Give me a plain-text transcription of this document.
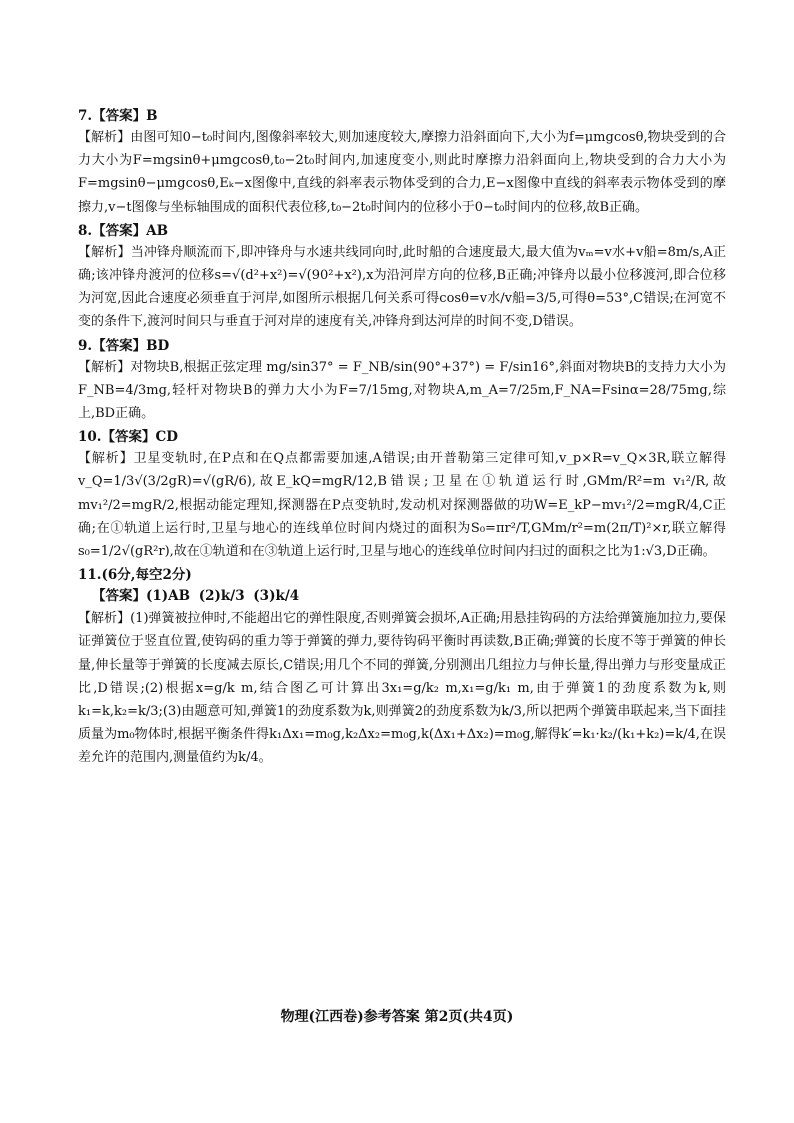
7.【答案】B
【解析】由图可知0−t₀时间内,图像斜率较大,则加速度较大,摩擦力沿斜面向下,大小为f=μmgcosθ,物块受到的合力大小为F=mgsinθ+μmgcosθ,t₀−2t₀时间内,加速度变小,则此时摩擦力沿斜面向上,物块受到的合力大小为F=mgsinθ−μmgcosθ,Eₖ−x图像中,直线的斜率表示物体受到的合力,E−x图像中直线的斜率表示物体受到的摩擦力,v−t图像与坐标轴围成的面积代表位移,t₀−2t₀时间内的位移小于0−t₀时间内的位移,故B正确。
8.【答案】AB
【解析】当冲锋舟顺流而下,即冲锋舟与水速共线同向时,此时船的合速度最大,最大值为vₘ=v水+v船=8m/s,A正确;该冲锋舟渡河的位移s=√(d²+x²)=√(90²+x²),x为沿河岸方向的位移,B正确;冲锋舟以最小位移渡河,即合位移为河宽,因此合速度必须垂直于河岸,如图所示根据几何关系可得cosθ=v水/v船=3/5,可得θ=53°,C错误;在河宽不变的条件下,渡河时间只与垂直于河对岸的速度有关,冲锋舟到达河岸的时间不变,D错误。
9.【答案】BD
【解析】对物块B,根据正弦定理 mg/sin37° = F_NB/sin(90°+37°) = F/sin16°,斜面对物块B的支持力大小为F_NB=4/3mg,轻杆对物块B的弹力大小为F=7/15mg,对物块A,m_A=7/25m,F_NA=Fsinα=28/75mg,综上,BD正确。
10.【答案】CD
【解析】卫星变轨时,在P点和在Q点都需要加速,A错误;由开普勒第三定律可知,v_p×R=v_Q×3R,联立解得v_Q=1/3√(3/2gR)=√(gR/6),故E_kQ=mgR/12,B错误;卫星在①轨道运行时,GMm/R²=m v₁²/R,故mv₁²/2=mgR/2,根据动能定理知,探测器在P点变轨时,发动机对探测器做的功W=E_kP−mv₁²/2=mgR/4,C正确;在①轨道上运行时,卫星与地心的连线单位时间内烧过的面积为S₀=πr²/T,GMm/r²=m(2π/T)²×r,联立解得s₀=1/2√(gR²r),故在①轨道和在③轨道上运行时,卫星与地心的连线单位时间内扫过的面积之比为1:√3,D正确。
11.(6分,每空2分)
【答案】(1)AB (2)k/3 (3)k/4
【解析】(1)弹簧被拉伸时,不能超出它的弹性限度,否则弹簧会损坏,A正确;用悬挂钩码的方法给弹簧施加拉力,要保证弹簧位于竖直位置,使钩码的重力等于弹簧的弹力,要待钩码平衡时再读数,B正确;弹簧的长度不等于弹簧的伸长量,伸长量等于弹簧的长度减去原长,C错误;用几个不同的弹簧,分别测出几组拉力与伸长量,得出弹力与形变量成正比,D错误;(2)根据x=g/k m,结合图乙可计算出3x₁=g/k₂ m,x₁=g/k₁ m,由于弹簧1的劲度系数为k,则k₁=k,k₂=k/3;(3)由题意可知,弹簧1的劲度系数为k,则弹簧2的劲度系数为k/3,所以把两个弹簧串联起来,当下面挂质量为m₀物体时,根据平衡条件得k₁Δx₁=m₀g,k₂Δx₂=m₀g,k(Δx₁+Δx₂)=m₀g,解得k′=k₁·k₂/(k₁+k₂)=k/4,在误差允许的范围内,测量值约为k/4。
物理(江西卷)参考答案 第2页(共4页)
